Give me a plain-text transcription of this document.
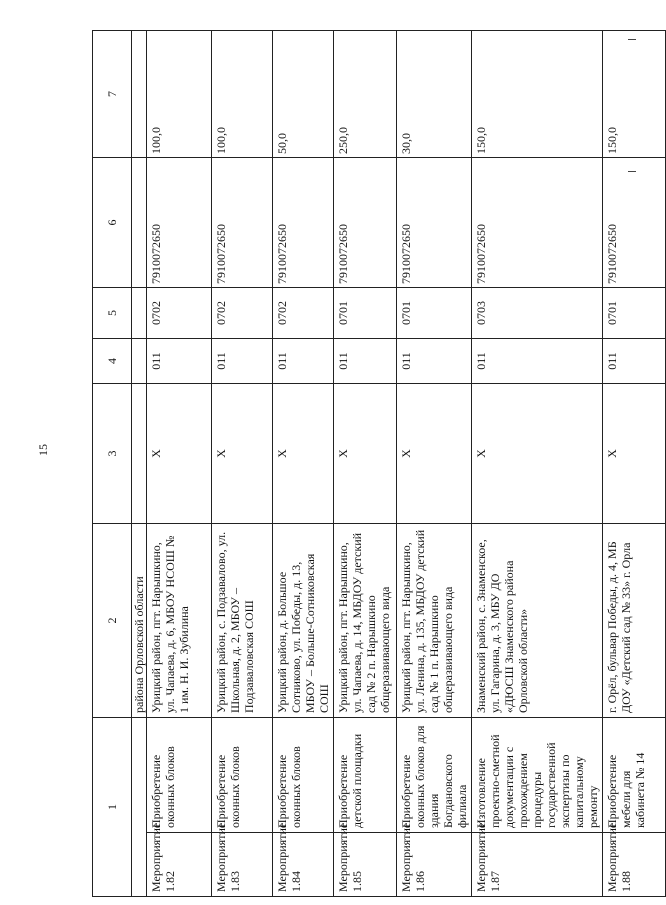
15
1		2	3	4	5	6	7
		района Орловской области					
Мероприятие 1.82	Приобретение оконных блоков	Урицкий район, пгт. Нарышкино, ул. Чапаева, д. 6, МБОУ НСОШ № 1 им. Н. И. Зубилина	X	011	0702	7910072650	100,0
Мероприятие 1.83	Приобретение оконных блоков	Урицкий район, с. Подзавалово, ул. Школьная, д. 2, МБОУ – Подзаваловская СОШ	X	011	0702	7910072650	100,0
Мероприятие 1.84	Приобретение оконных блоков	Урицкий район, д. Большое Сотниково, ул. Победы, д. 13, МБОУ – Больше-Сотниковская СОШ	X	011	0702	7910072650	50,0
Мероприятие 1.85	Приобретение детской площадки	Урицкий район, пгт. Нарышкино, ул. Чапаева, д. 14, МБДОУ детский сад № 2 п. Нарышкино общеразвивающего вида	X	011	0701	7910072650	250,0
Мероприятие 1.86	Приобретение оконных блоков для здания Богдановского филиала	Урицкий район, пгт. Нарышкино, ул. Ленина, д. 135, МБДОУ детский сад № 1 п. Нарышкино общеразвивающего вида	X	011	0701	7910072650	30,0
Мероприятие 1.87	Изготовление проектно-сметной документации с прохождением процедуры государственной экспертизы по капитальному ремонту	Знаменский район, с. Знаменское, ул. Гагарина, д. 3, МБУ ДО «ДЮСШ Знаменского района Орловской области»	X	011	0703	7910072650	150,0
Мероприятие 1.88	Приобретение мебели для кабинета № 14	г. Орёл, бульвар Победы, д. 4, МБ ДОУ «Детский сад № 33» г. Орла	X	011	0701	7910072650	150,0
